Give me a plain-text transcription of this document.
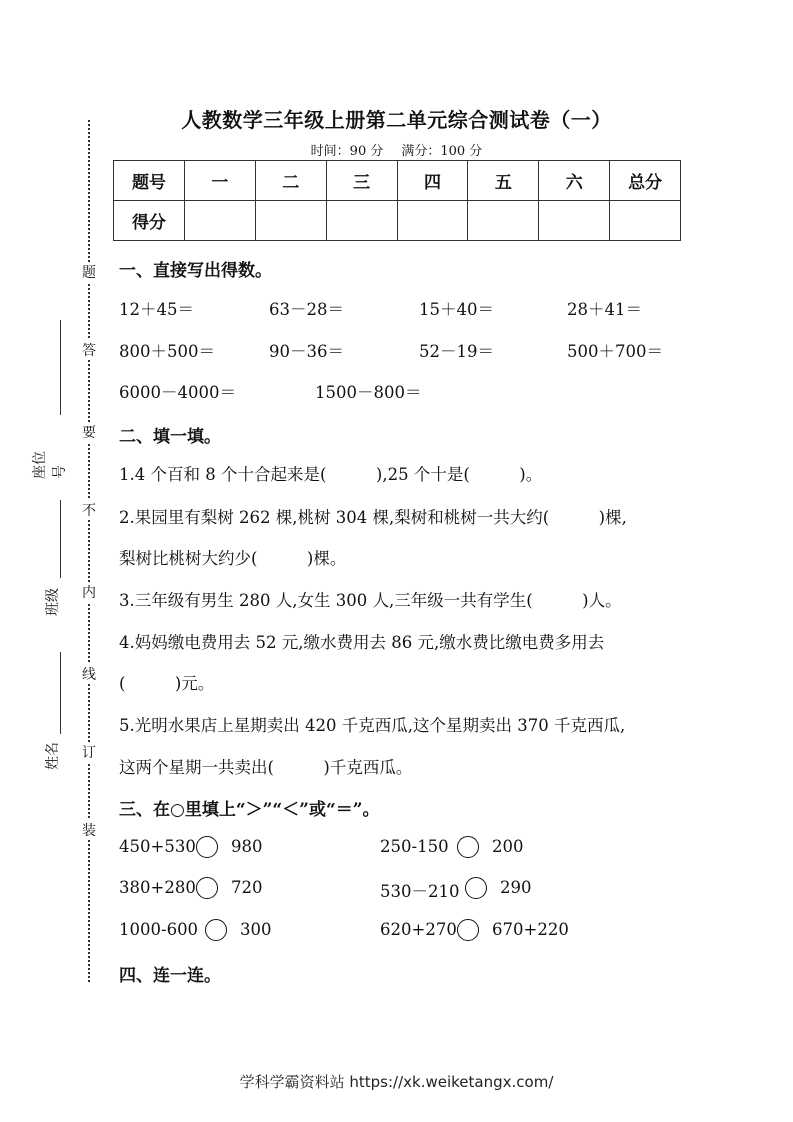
题
答
要
不
内
线
订
装
座位号
班级
姓名
人教数学三年级上册第二单元综合测试卷（一）
时间：90 分 满分：100 分
题号	一	二	三	四	五	六	总分
得分							
一、直接写出得数。
12＋45＝	63－28＝	15＋40＝	28＋41＝
800＋500＝	90－36＝	52－19＝	500＋700＝
6000－4000＝	1500－800＝
二、填一填。
1.4 个百和 8 个十合起来是(　　　),25 个十是(　　　)。
2.果园里有梨树 262 棵,桃树 304 棵,梨树和桃树一共大约(　　　)棵,
梨树比桃树大约少(　　　)棵。
3.三年级有男生 280 人,女生 300 人,三年级一共有学生(　　　)人。
4.妈妈缴电费用去 52 元,缴水费用去 86 元,缴水费比缴电费多用去
(　　　)元。
5.光明水果店上星期卖出 420 千克西瓜,这个星期卖出 370 千克西瓜,
这两个星期一共卖出(　　　)千克西瓜。
三、在○里填上“＞”“＜”或“＝”。
450+530 980	250-150	200
380+280 720	530－210 290
1000-600	300	620+270 670+220
四、连一连。
学科学霸资料站 https://xk.weiketangx.com/
